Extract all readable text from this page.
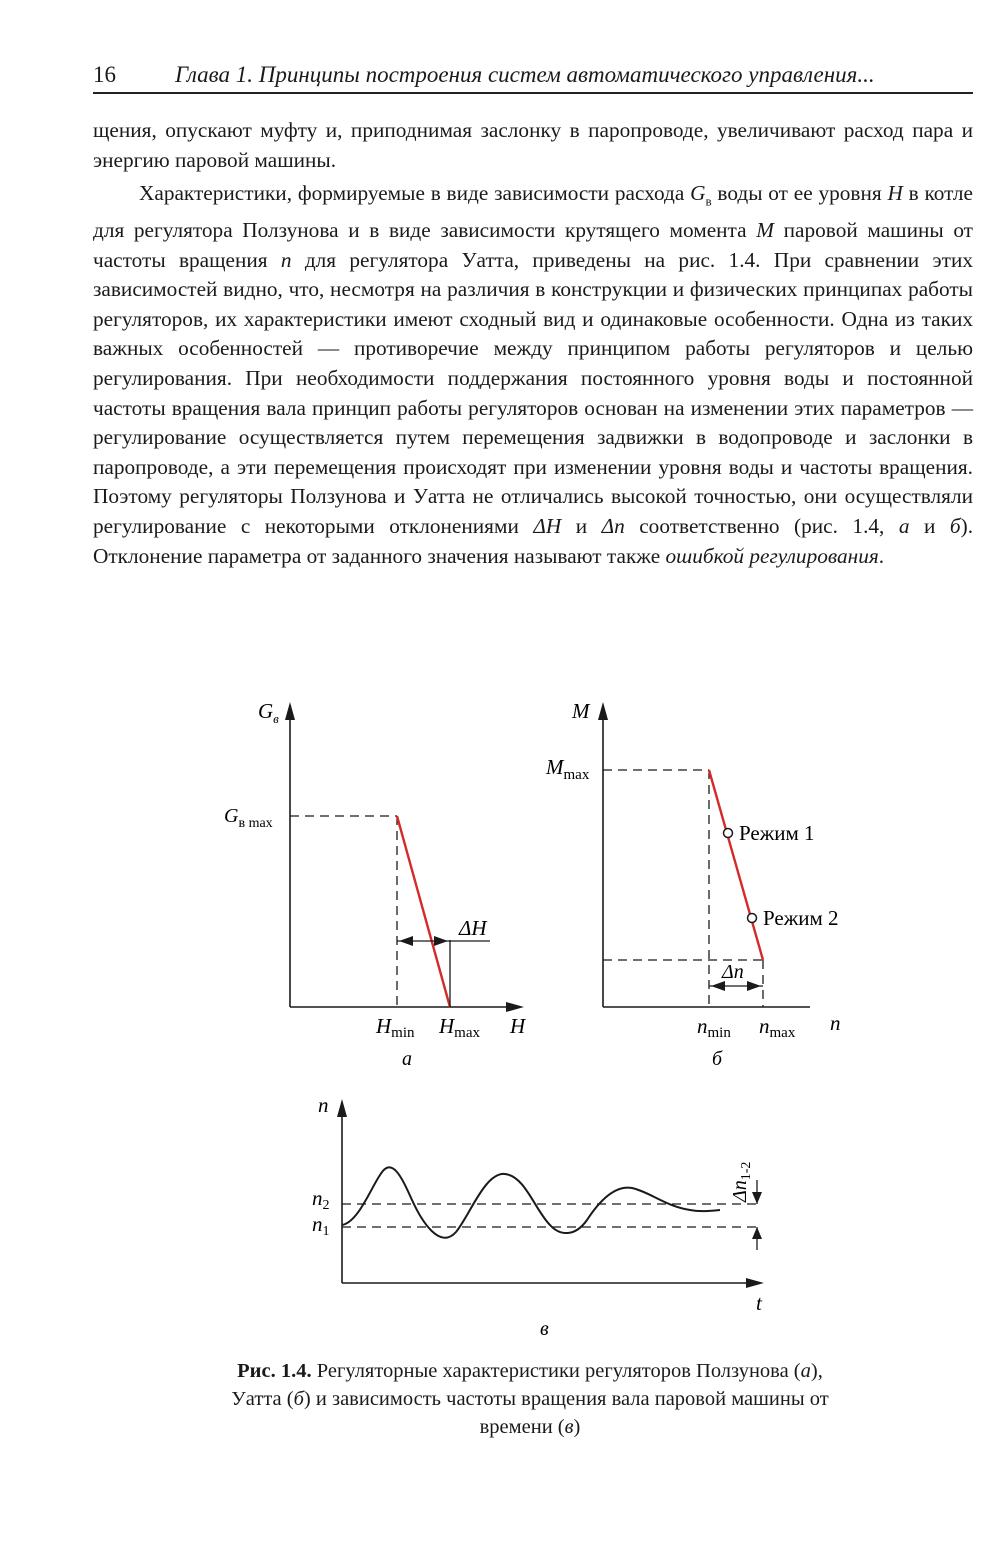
16	Глава 1. Принципы построения систем автоматического управления...

щения, опускают муфту и, приподнимая заслонку в паропроводе, увеличивают расход пара и энергию паровой машины.

Характеристики, формируемые в виде зависимости расхода $G_в$ воды от ее уровня H в котле для регулятора Ползунова и в виде зависимости крутящего момента M паровой машины от частоты вращения n для регулятора Уатта, приведены на рис. 1.4. При сравнении этих зависимостей видно, что, несмотря на различия в конструкции и физических принципах работы регуляторов, их характеристики имеют сходный вид и одинаковые особенности. Одна из таких важных особенностей — противоречие между принципом работы регуляторов и целью регулирования. При необходимости поддержания постоянного уровня воды и постоянной частоты вращения вала принцип работы регуляторов основан на изменении этих параметров — регулирование осуществляется путем перемещения задвижки в водопроводе и заслонки в паропроводе, а эти перемещения происходят при изменении уровня воды и частоты вращения. Поэтому регуляторы Ползунова и Уатта не отличались высокой точностью, они осуществляли регулирование с некоторыми отклонениями ΔH и Δn соответственно (рис. 1.4, а и б). Отклонение параметра от заданного значения называют также ошибкой регулирования.

$G_в$
$G_{в max}$
ΔH
Hmin Hmax H
а
M
$M_{max}$
Режим 1
Режим 2
Δn
nmin nmax n
б
n
n2
n1
$\Delta n_{1-2}$
t
в
Рис. 1.4. Регуляторные характеристики регуляторов Ползунова (а), Уатта (б) и зависимость частоты вращения вала паровой машины от времени (в)
